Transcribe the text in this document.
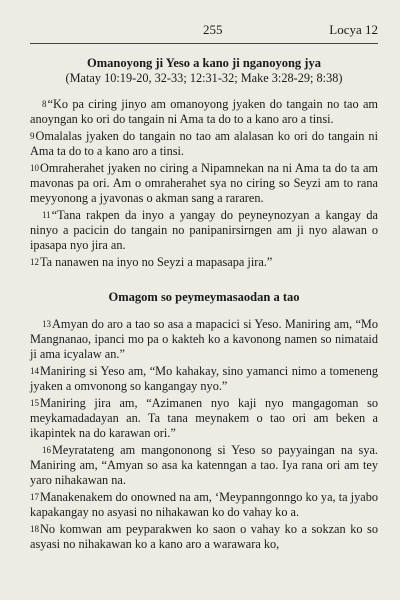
255	Locya 12

Omanoyong ji Yeso a kano ji nganoyong jya

(Matay 10:19-20, 32-33; 12:31-32; Make 3:28-29; 8:38)

8“Ko pa ciring jinyo am omanoyong jyaken do tangain no tao am anoyngan ko ori do tangain ni Ama ta do to a kano aro a tinsi.

9Omalalas jyaken do tangain no tao am alalasan ko ori do tangain ni Ama ta do to a kano aro a tinsi.

10Omraherahet jyaken no ciring a Nipamnekan na ni Ama ta do ta am mavonas pa ori. Am o omraherahet sya no ciring so Seyzi am to rana meyyonong a jyavonas o akman sang a rararen.

11“Tana rakpen da inyo a yangay do peyneynozyan a kangay da ninyo a pacicin do tangain no panipanirsirngen am ji nyo alawan o ipasapa nyo jira an.

12Ta nanawen na inyo no Seyzi a mapasapa jira.”

Omagom so peymeymasaodan a tao

13Amyan do aro a tao so asa a mapacici si Yeso. Maniring am, “Mo Mangnanao, ipanci mo pa o kakteh ko a kavonong namen so nimataid ji ama icyalaw an.”

14Maniring si Yeso am, “Mo kahakay, sino yamanci nimo a tomeneng jyaken a omvonong so kangangay nyo.”

15Maniring jira am, “Azimanen nyo kaji nyo mangagoman so meykamadadayan an. Ta tana meynakem o tao ori am beken a ikapintek na do karawan ori.”

16Meyratateng am mangononong si Yeso so payyaingan na sya. Maniring am, “Amyan so asa ka katenngan a tao. Iya rana ori am tey yaro nihakawan na.

17Manakenakem do onowned na am, ‘Meypanngonngo ko ya, ta jyabo kapakangay no asyasi no nihakawan ko do vahay ko a.

18No komwan am peyparakwen ko saon o vahay ko a sokzan ko so asyasi no nihakawan ko a kano aro a warawara ko,
